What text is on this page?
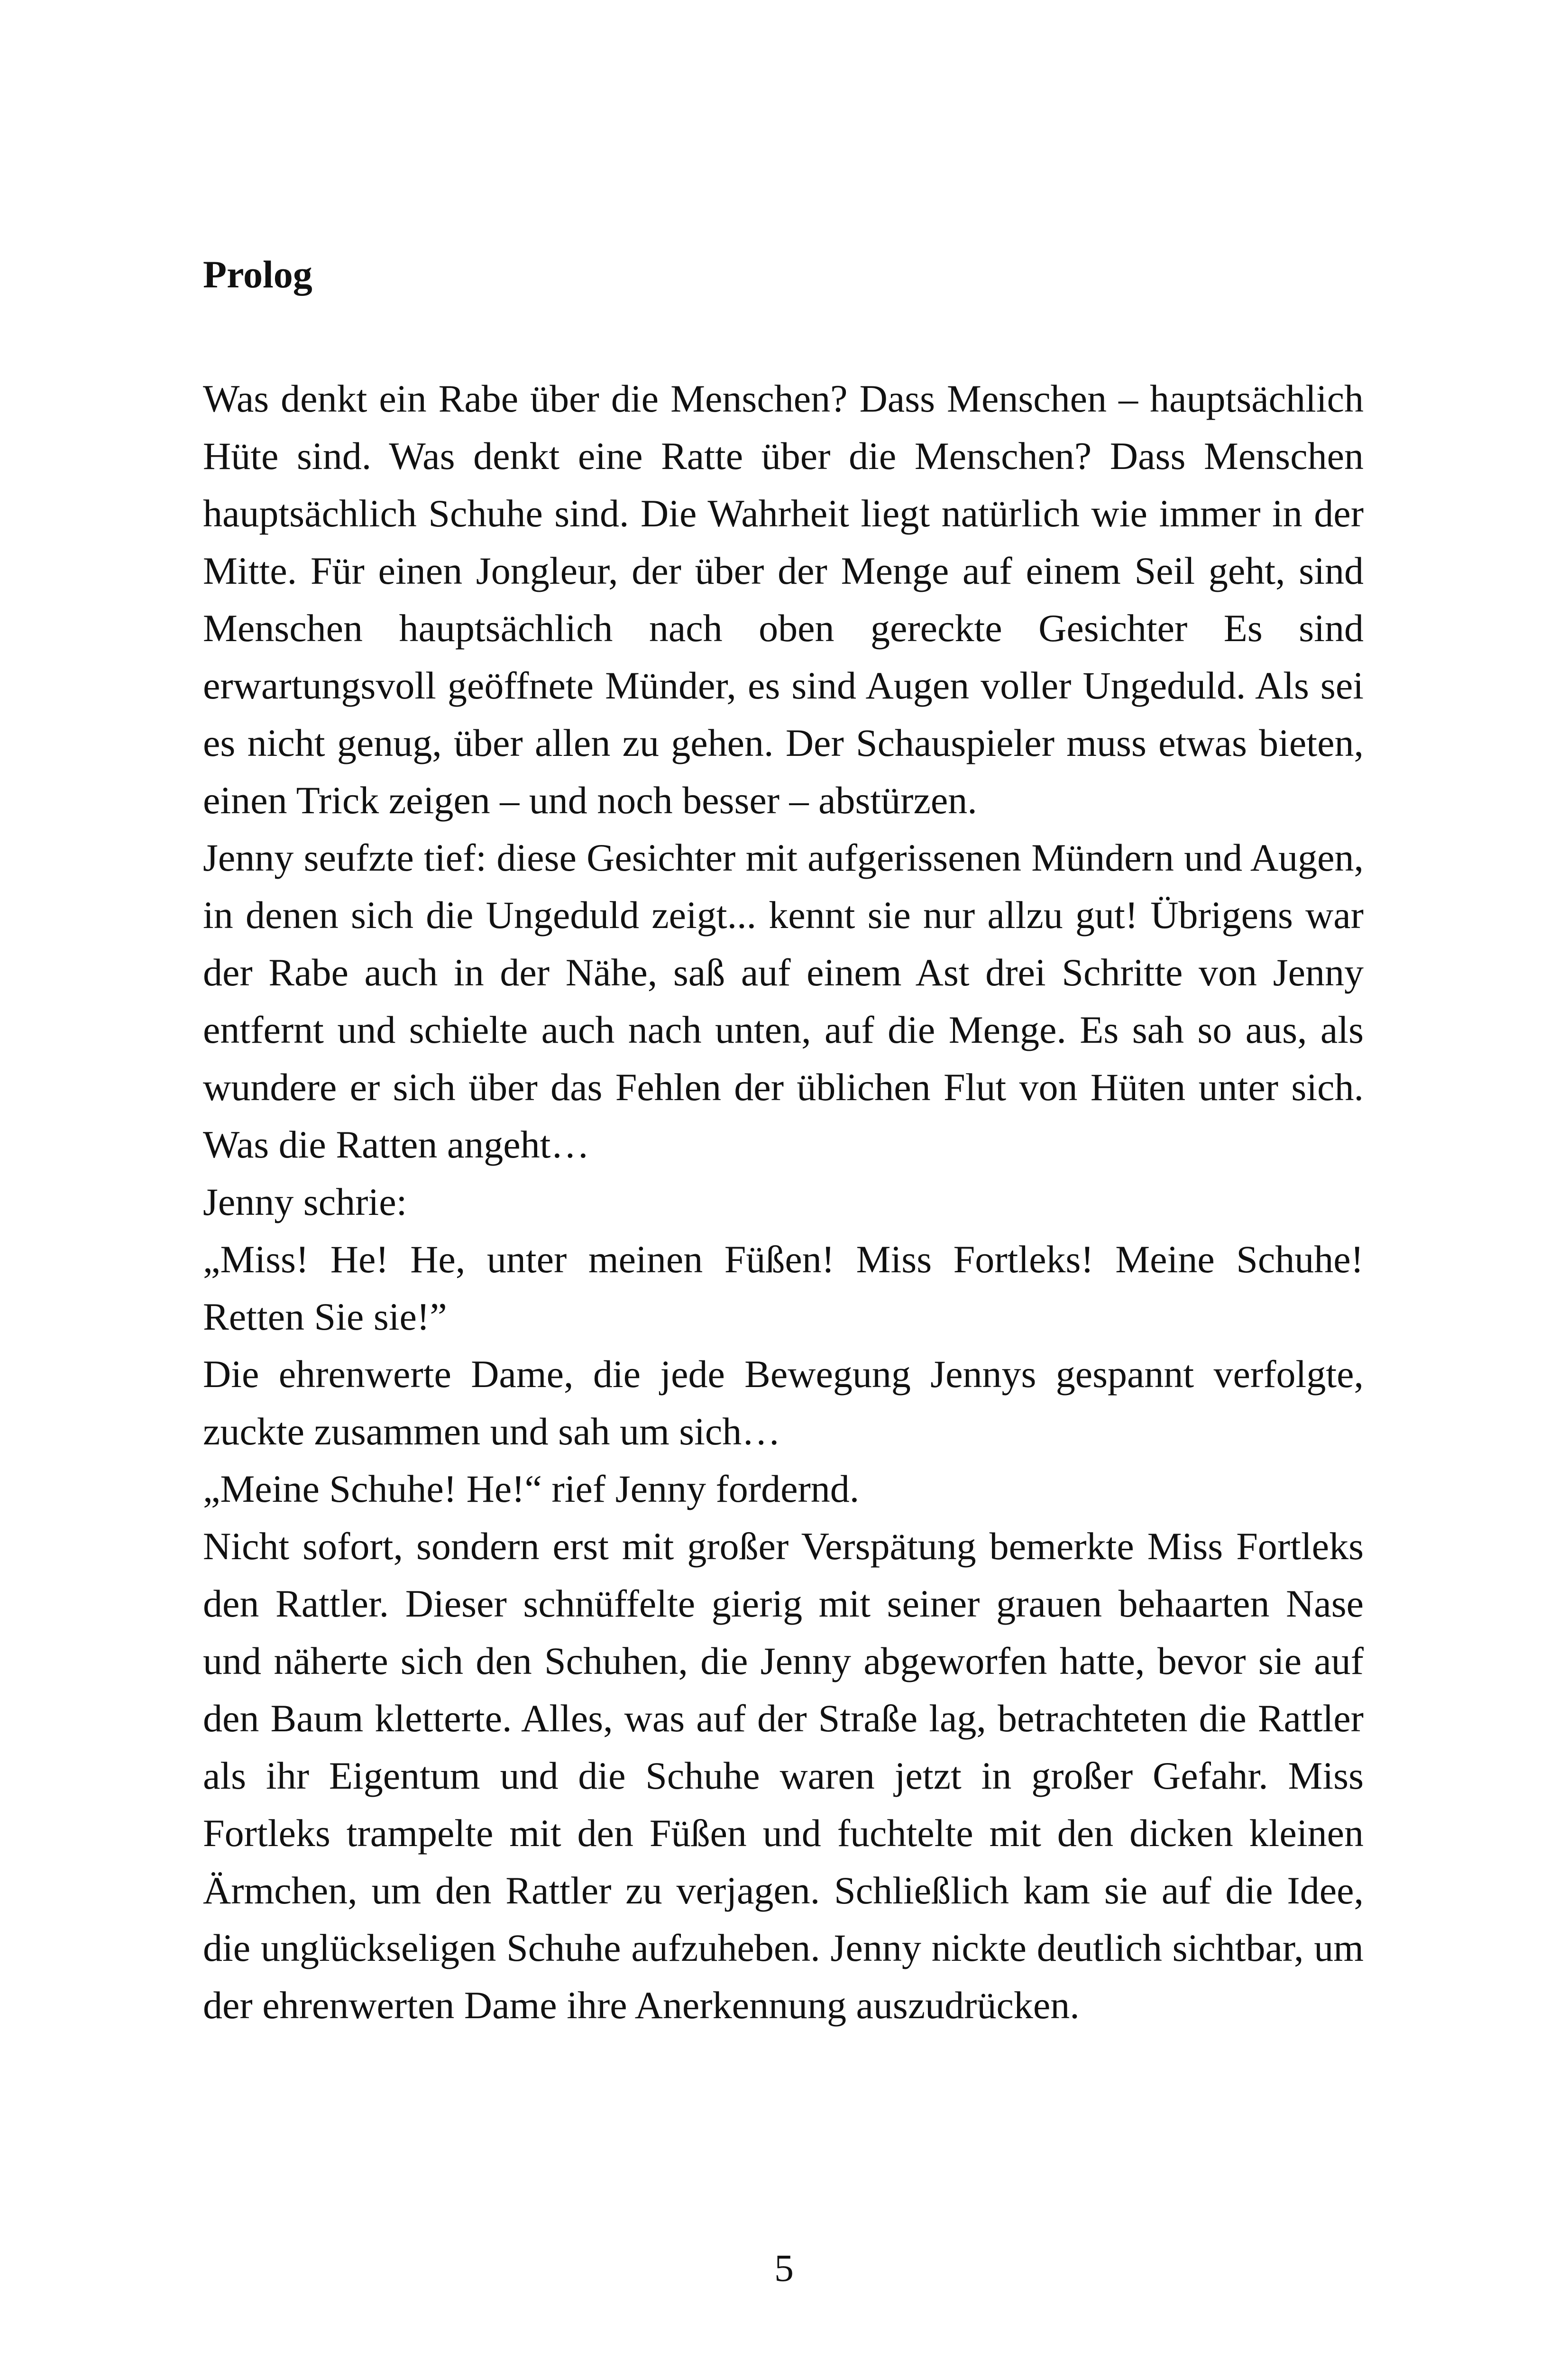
Prolog

Was denkt ein Rabe über die Menschen? Dass Menschen – hauptsächlich Hüte sind. Was denkt eine Ratte über die Menschen? Dass Menschen hauptsächlich Schuhe sind. Die Wahrheit liegt natürlich wie immer in der Mitte. Für einen Jongleur, der über der Menge auf einem Seil geht, sind Menschen hauptsächlich nach oben gereckte Gesichter Es sind erwartungsvoll geöffnete Münder, es sind Augen voller Ungeduld. Als sei es nicht genug, über allen zu gehen. Der Schauspieler muss etwas bieten, einen Trick zeigen – und noch besser – abstürzen.

Jenny seufzte tief: diese Gesichter mit aufgerissenen Mündern und Augen, in denen sich die Ungeduld zeigt... kennt sie nur allzu gut! Übrigens war der Rabe auch in der Nähe, saß auf einem Ast drei Schritte von Jenny entfernt und schielte auch nach unten, auf die Menge. Es sah so aus, als wundere er sich über das Fehlen der üblichen Flut von Hüten unter sich. Was die Ratten angeht…

Jenny schrie:

„Miss! He! He, unter meinen Füßen! Miss Fortleks! Meine Schuhe! Retten Sie sie!”

Die ehrenwerte Dame, die jede Bewegung Jennys gespannt verfolgte, zuckte zusammen und sah um sich…

„Meine Schuhe! He!“ rief Jenny fordernd.

Nicht sofort, sondern erst mit großer Verspätung bemerkte Miss Fortleks den Rattler. Dieser schnüffelte gierig mit seiner grauen behaarten Nase und näherte sich den Schuhen, die Jenny abgeworfen hatte, bevor sie auf den Baum kletterte. Alles, was auf der Straße lag, betrachteten die Rattler als ihr Eigentum und die Schuhe waren jetzt in großer Gefahr. Miss Fortleks trampelte mit den Füßen und fuchtelte mit den dicken kleinen Ärmchen, um den Rattler zu verjagen. Schließlich kam sie auf die Idee, die unglückseligen Schuhe aufzuheben. Jenny nickte deutlich sichtbar, um der ehrenwerten Dame ihre Anerkennung auszudrücken.

5
